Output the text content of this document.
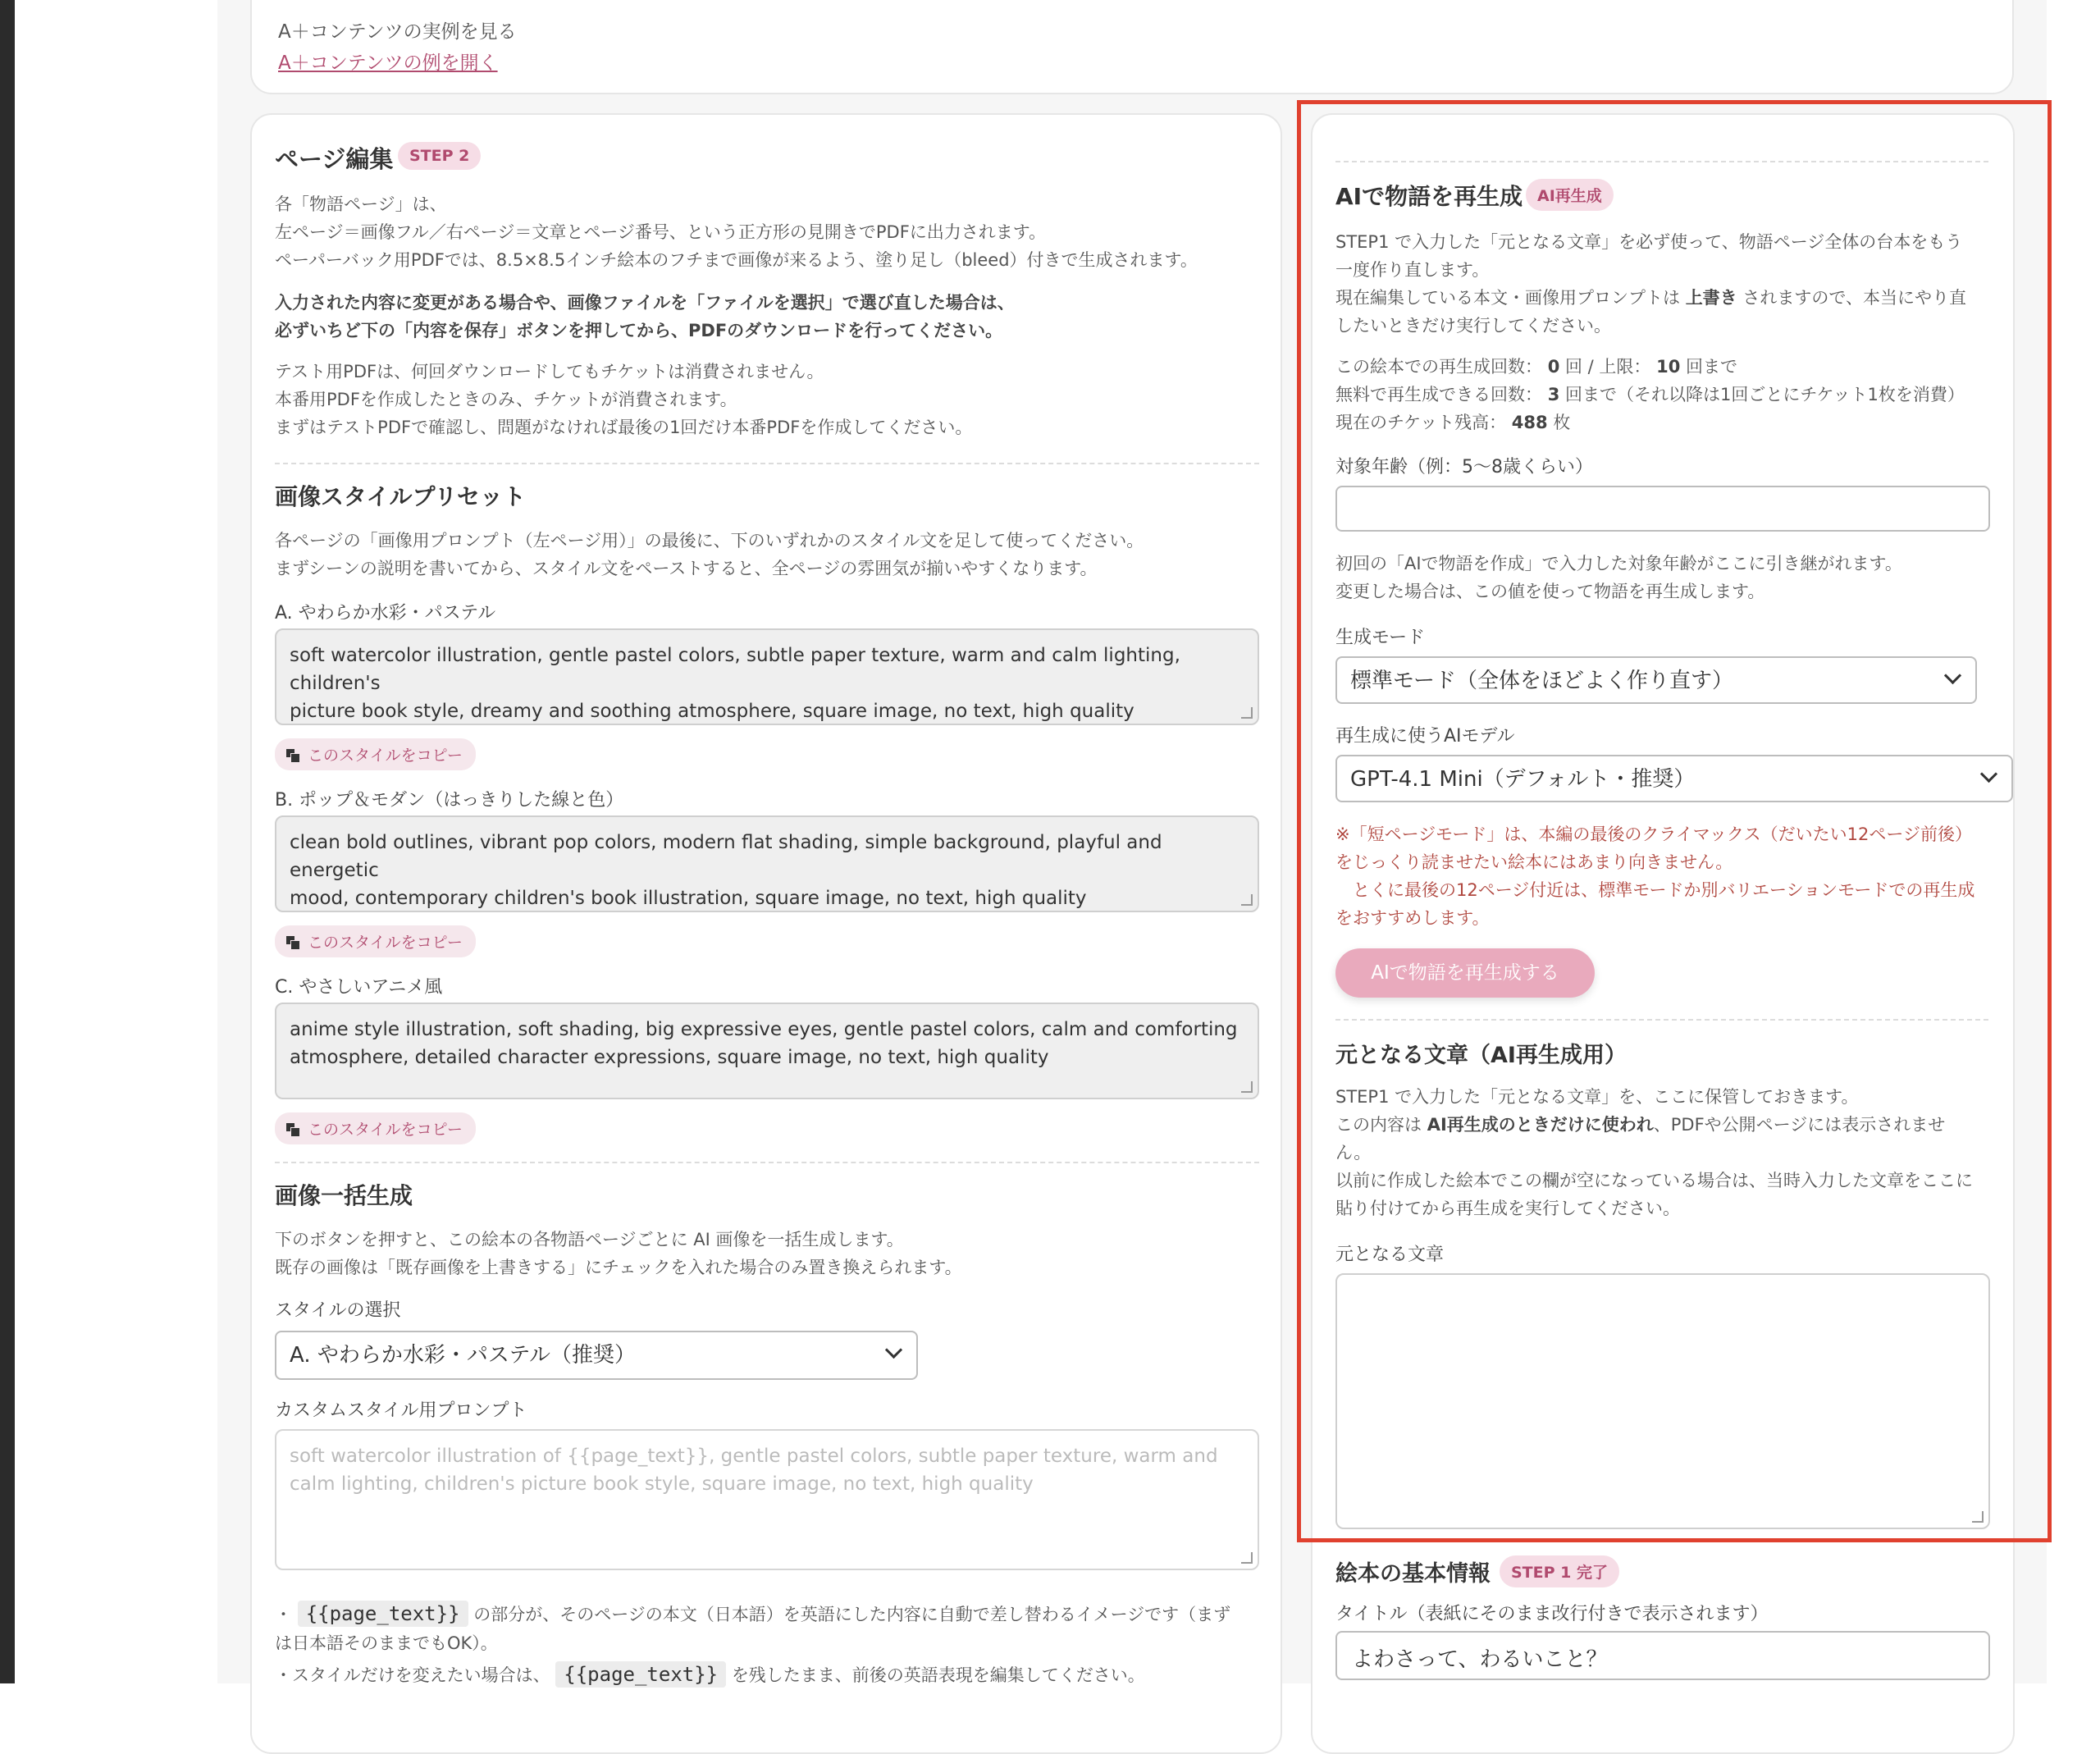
A＋コンテンツの実例を見る
A＋コンテンツの例を開く
ページ編集	STEP 2
各「物語ページ」は、
左ページ＝画像フル／右ページ＝文章とページ番号、という正方形の見開きでPDFに出力されます。
ペーパーバック用PDFでは、8.5×8.5インチ絵本のフチまで画像が来るよう、塗り足し（bleed）付きで生成されます。
入力された内容に変更がある場合や、画像ファイルを「ファイルを選択」で選び直した場合は、
必ずいちど下の「内容を保存」ボタンを押してから、PDFのダウンロードを行ってください。
テスト用PDFは、何回ダウンロードしてもチケットは消費されません。
本番用PDFを作成したときのみ、チケットが消費されます。
まずはテストPDFで確認し、問題がなければ最後の1回だけ本番PDFを作成してください。
画像スタイルプリセット
各ページの「画像用プロンプト（左ページ用）」の最後に、下のいずれかのスタイル文を足して使ってください。
まずシーンの説明を書いてから、スタイル文をペーストすると、全ページの雰囲気が揃いやすくなります。
A. やわらか水彩・パステル
soft watercolor illustration, gentle pastel colors, subtle paper texture, warm and calm lighting, children's
picture book style, dreamy and soothing atmosphere, square image, no text, high quality
このスタイルをコピー
B. ポップ＆モダン（はっきりした線と色）
clean bold outlines, vibrant pop colors, modern flat shading, simple background, playful and energetic
mood, contemporary children's book illustration, square image, no text, high quality
このスタイルをコピー
C. やさしいアニメ風
anime style illustration, soft shading, big expressive eyes, gentle pastel colors, calm and comforting
atmosphere, detailed character expressions, square image, no text, high quality
このスタイルをコピー
画像一括生成
下のボタンを押すと、この絵本の各物語ページごとに AI 画像を一括生成します。
既存の画像は「既存画像を上書きする」にチェックを入れた場合のみ置き換えられます。
スタイルの選択
A. やわらか水彩・パステル（推奨）
カスタムスタイル用プロンプト
soft watercolor illustration of {{page_text}}, gentle pastel colors, subtle paper texture, warm and
calm lighting, children's picture book style, square image, no text, high quality
・ {{page_text}} の部分が、そのページの本文（日本語）を英語にした内容に自動で差し替わるイメージです（まず
は日本語そのままでもOK）。
・スタイルだけを変えたい場合は、 {{page_text}} を残したまま、前後の英語表現を編集してください。
AIで物語を再生成 AI再生成
STEP1 で入力した「元となる文章」を必ず使って、物語ページ全体の台本をもう
一度作り直します。
現在編集している本文・画像用プロンプトは 上書き されますので、本当にやり直
したいときだけ実行してください。
この絵本での再生成回数： 0 回 / 上限： 10 回まで
無料で再生成できる回数： 3 回まで（それ以降は1回ごとにチケット1枚を消費）
現在のチケット残高： 488 枚
対象年齢（例：5〜8歳くらい）
初回の「AIで物語を作成」で入力した対象年齢がここに引き継がれます。
変更した場合は、この値を使って物語を再生成します。
生成モード
標準モード（全体をほどよく作り直す）
再生成に使うAIモデル
GPT-4.1 Mini（デフォルト・推奨）
※「短ページモード」は、本編の最後のクライマックス（だいたい12ページ前後）
をじっくり読ませたい絵本にはあまり向きません。
　とくに最後の12ページ付近は、標準モードか別バリエーションモードでの再生成
をおすすめします。
AIで物語を再生成する
元となる文章（AI再生成用）
STEP1 で入力した「元となる文章」を、ここに保管しておきます。
この内容は AI再生成のときだけに使われ、PDFや公開ページには表示されませ
ん。
以前に作成した絵本でこの欄が空になっている場合は、当時入力した文章をここに
貼り付けてから再生成を実行してください。
元となる文章
絵本の基本情報	STEP 1 完了
タイトル（表紙にそのまま改行付きで表示されます）
よわさって、わるいこと？
